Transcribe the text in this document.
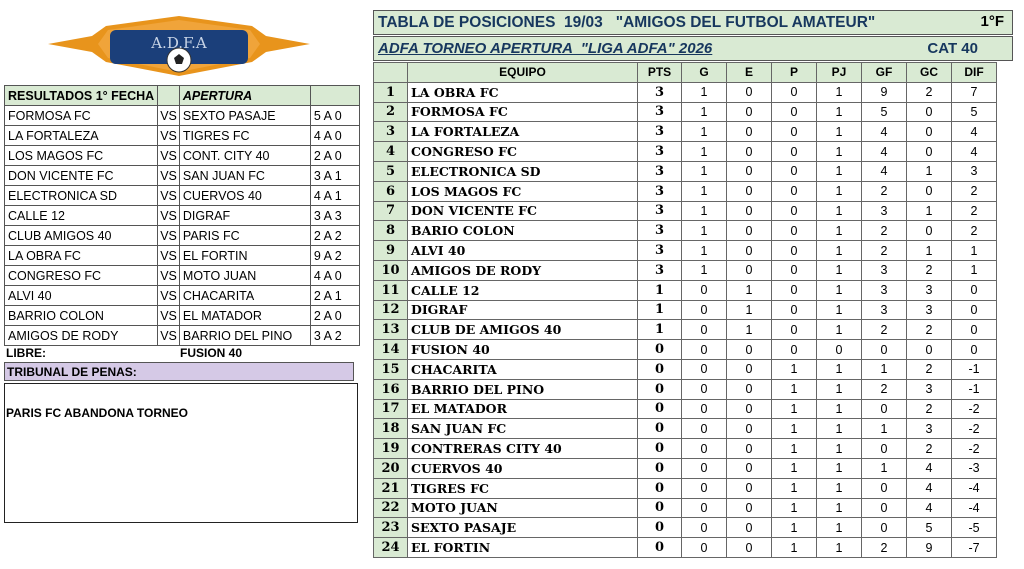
A.D.F.A
RESULTADOS 1° FECHA		APERTURA	
FORMOSA FC	VS	SEXTO PASAJE	5 A 0
LA FORTALEZA	VS	TIGRES FC	4 A 0
LOS MAGOS FC	VS	CONT. CITY 40	2 A 0
DON VICENTE FC	VS	SAN JUAN FC	3 A 1
ELECTRONICA SD	VS	CUERVOS 40	4 A 1
CALLE 12	VS	DIGRAF	3 A 3
CLUB AMIGOS 40	VS	PARIS FC	2 A 2
LA OBRA FC	VS	EL FORTIN	9 A 2
CONGRESO FC	VS	MOTO JUAN	4 A 0
ALVI 40	VS	CHACARITA	2 A 1
BARRIO COLON	VS	EL MATADOR	2 A 0
AMIGOS DE RODY	VS	BARRIO DEL PINO	3 A 2
LIBRE:	FUSION 40
TRIBUNAL DE PENAS:
PARIS FC ABANDONA TORNEO
TABLA DE POSICIONES  19/03   "AMIGOS DEL FUTBOL AMATEUR"	1°F
ADFA TORNEO APERTURA  "LIGA ADFA" 2026	CAT 40
	EQUIPO	PTS	G	E	P	PJ	GF	GC	DIF
1	LA OBRA FC	3	1	0	0	1	9	2	7
2	FORMOSA FC	3	1	0	0	1	5	0	5
3	LA FORTALEZA	3	1	0	0	1	4	0	4
4	CONGRESO FC	3	1	0	0	1	4	0	4
5	ELECTRONICA SD	3	1	0	0	1	4	1	3
6	LOS MAGOS FC	3	1	0	0	1	2	0	2
7	DON VICENTE FC	3	1	0	0	1	3	1	2
8	BARIO COLON	3	1	0	0	1	2	0	2
9	ALVI 40	3	1	0	0	1	2	1	1
10	AMIGOS DE RODY	3	1	0	0	1	3	2	1
11	CALLE 12	1	0	1	0	1	3	3	0
12	DIGRAF	1	0	1	0	1	3	3	0
13	CLUB DE AMIGOS 40	1	0	1	0	1	2	2	0
14	FUSION 40	0	0	0	0	0	0	0	0
15	CHACARITA	0	0	0	1	1	1	2	-1
16	BARRIO DEL PINO	0	0	0	1	1	2	3	-1
17	EL MATADOR	0	0	0	1	1	0	2	-2
18	SAN JUAN FC	0	0	0	1	1	1	3	-2
19	CONTRERAS CITY 40	0	0	0	1	1	0	2	-2
20	CUERVOS 40	0	0	0	1	1	1	4	-3
21	TIGRES FC	0	0	0	1	1	0	4	-4
22	MOTO JUAN	0	0	0	1	1	0	4	-4
23	SEXTO PASAJE	0	0	0	1	1	0	5	-5
24	EL FORTIN	0	0	0	1	1	2	9	-7
